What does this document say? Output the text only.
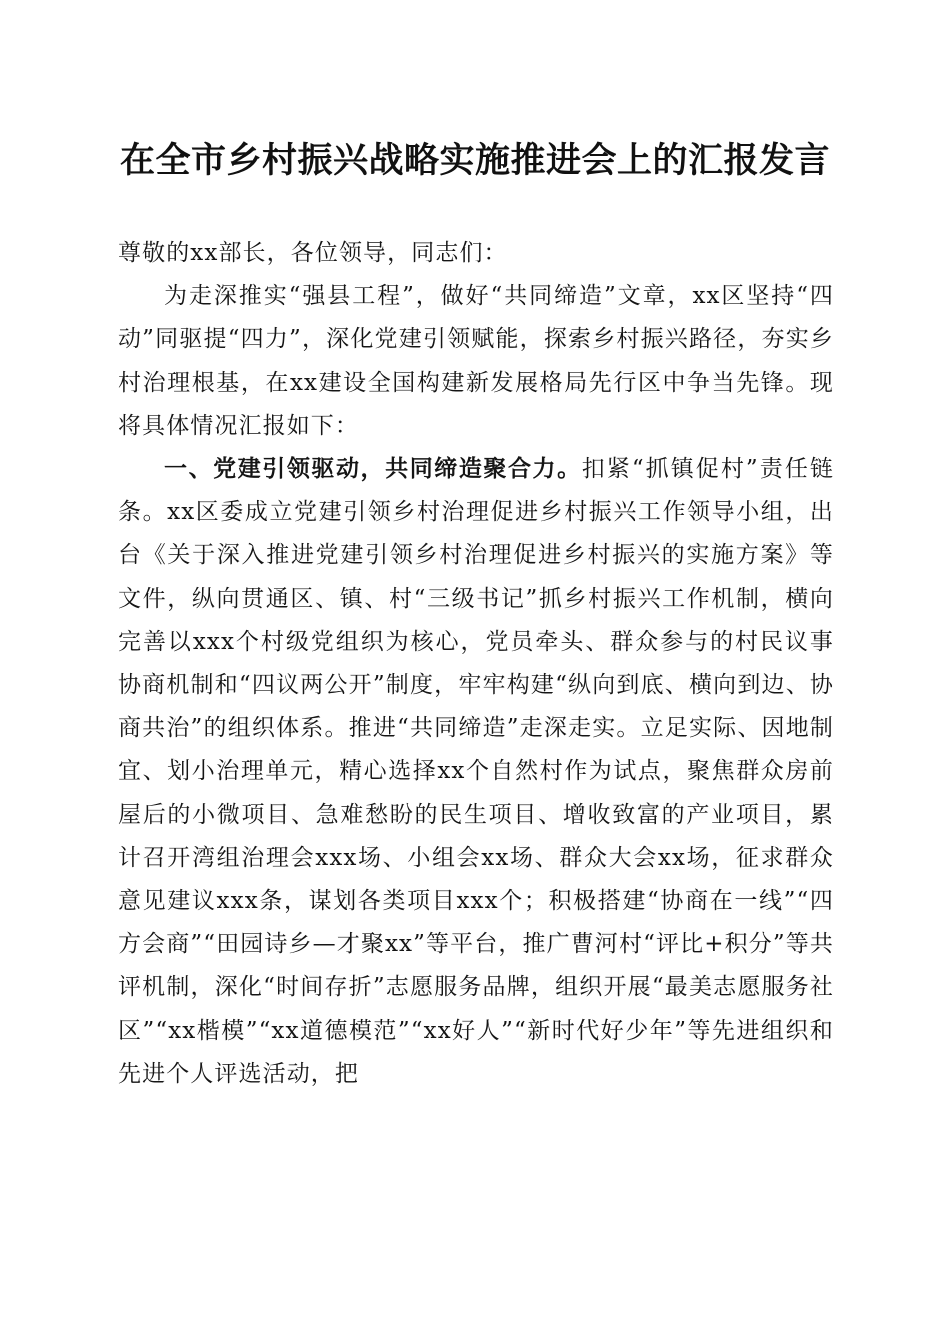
在全市乡村振兴战略实施推进会上的汇报发言

尊敬的xx部长，各位领导，同志们：

为走深推实“强县工程”，做好“共同缔造”文章，xx区坚持“四动”同驱提“四力”，深化党建引领赋能，探索乡村振兴路径，夯实乡村治理根基，在xx建设全国构建新发展格局先行区中争当先锋。现将具体情况汇报如下：

一、党建引领驱动，共同缔造聚合力。扣紧“抓镇促村”责任链条。xx区委成立党建引领乡村治理促进乡村振兴工作领导小组，出台《关于深入推进党建引领乡村治理促进乡村振兴的实施方案》等文件，纵向贯通区、镇、村“三级书记”抓乡村振兴工作机制，横向完善以xxx个村级党组织为核心，党员牵头、群众参与的村民议事协商机制和“四议两公开”制度，牢牢构建“纵向到底、横向到边、协商共治”的组织体系。推进“共同缔造”走深走实。立足实际、因地制宜、划小治理单元，精心选择xx个自然村作为试点，聚焦群众房前屋后的小微项目、急难愁盼的民生项目、增收致富的产业项目，累计召开湾组治理会xxx场、小组会xx场、群众大会xx场，征求群众意见建议xxx条，谋划各类项目xxx个；积极搭建“协商在一线”“四方会商”“田园诗乡—才聚xx”等平台，推广曹河村“评比+积分”等共评机制，深化“时间存折”志愿服务品牌，组织开展“最美志愿服务社区”“xx楷模”“xx道德模范”“xx好人”“新时代好少年”等先进组织和先进个人评选活动，把
